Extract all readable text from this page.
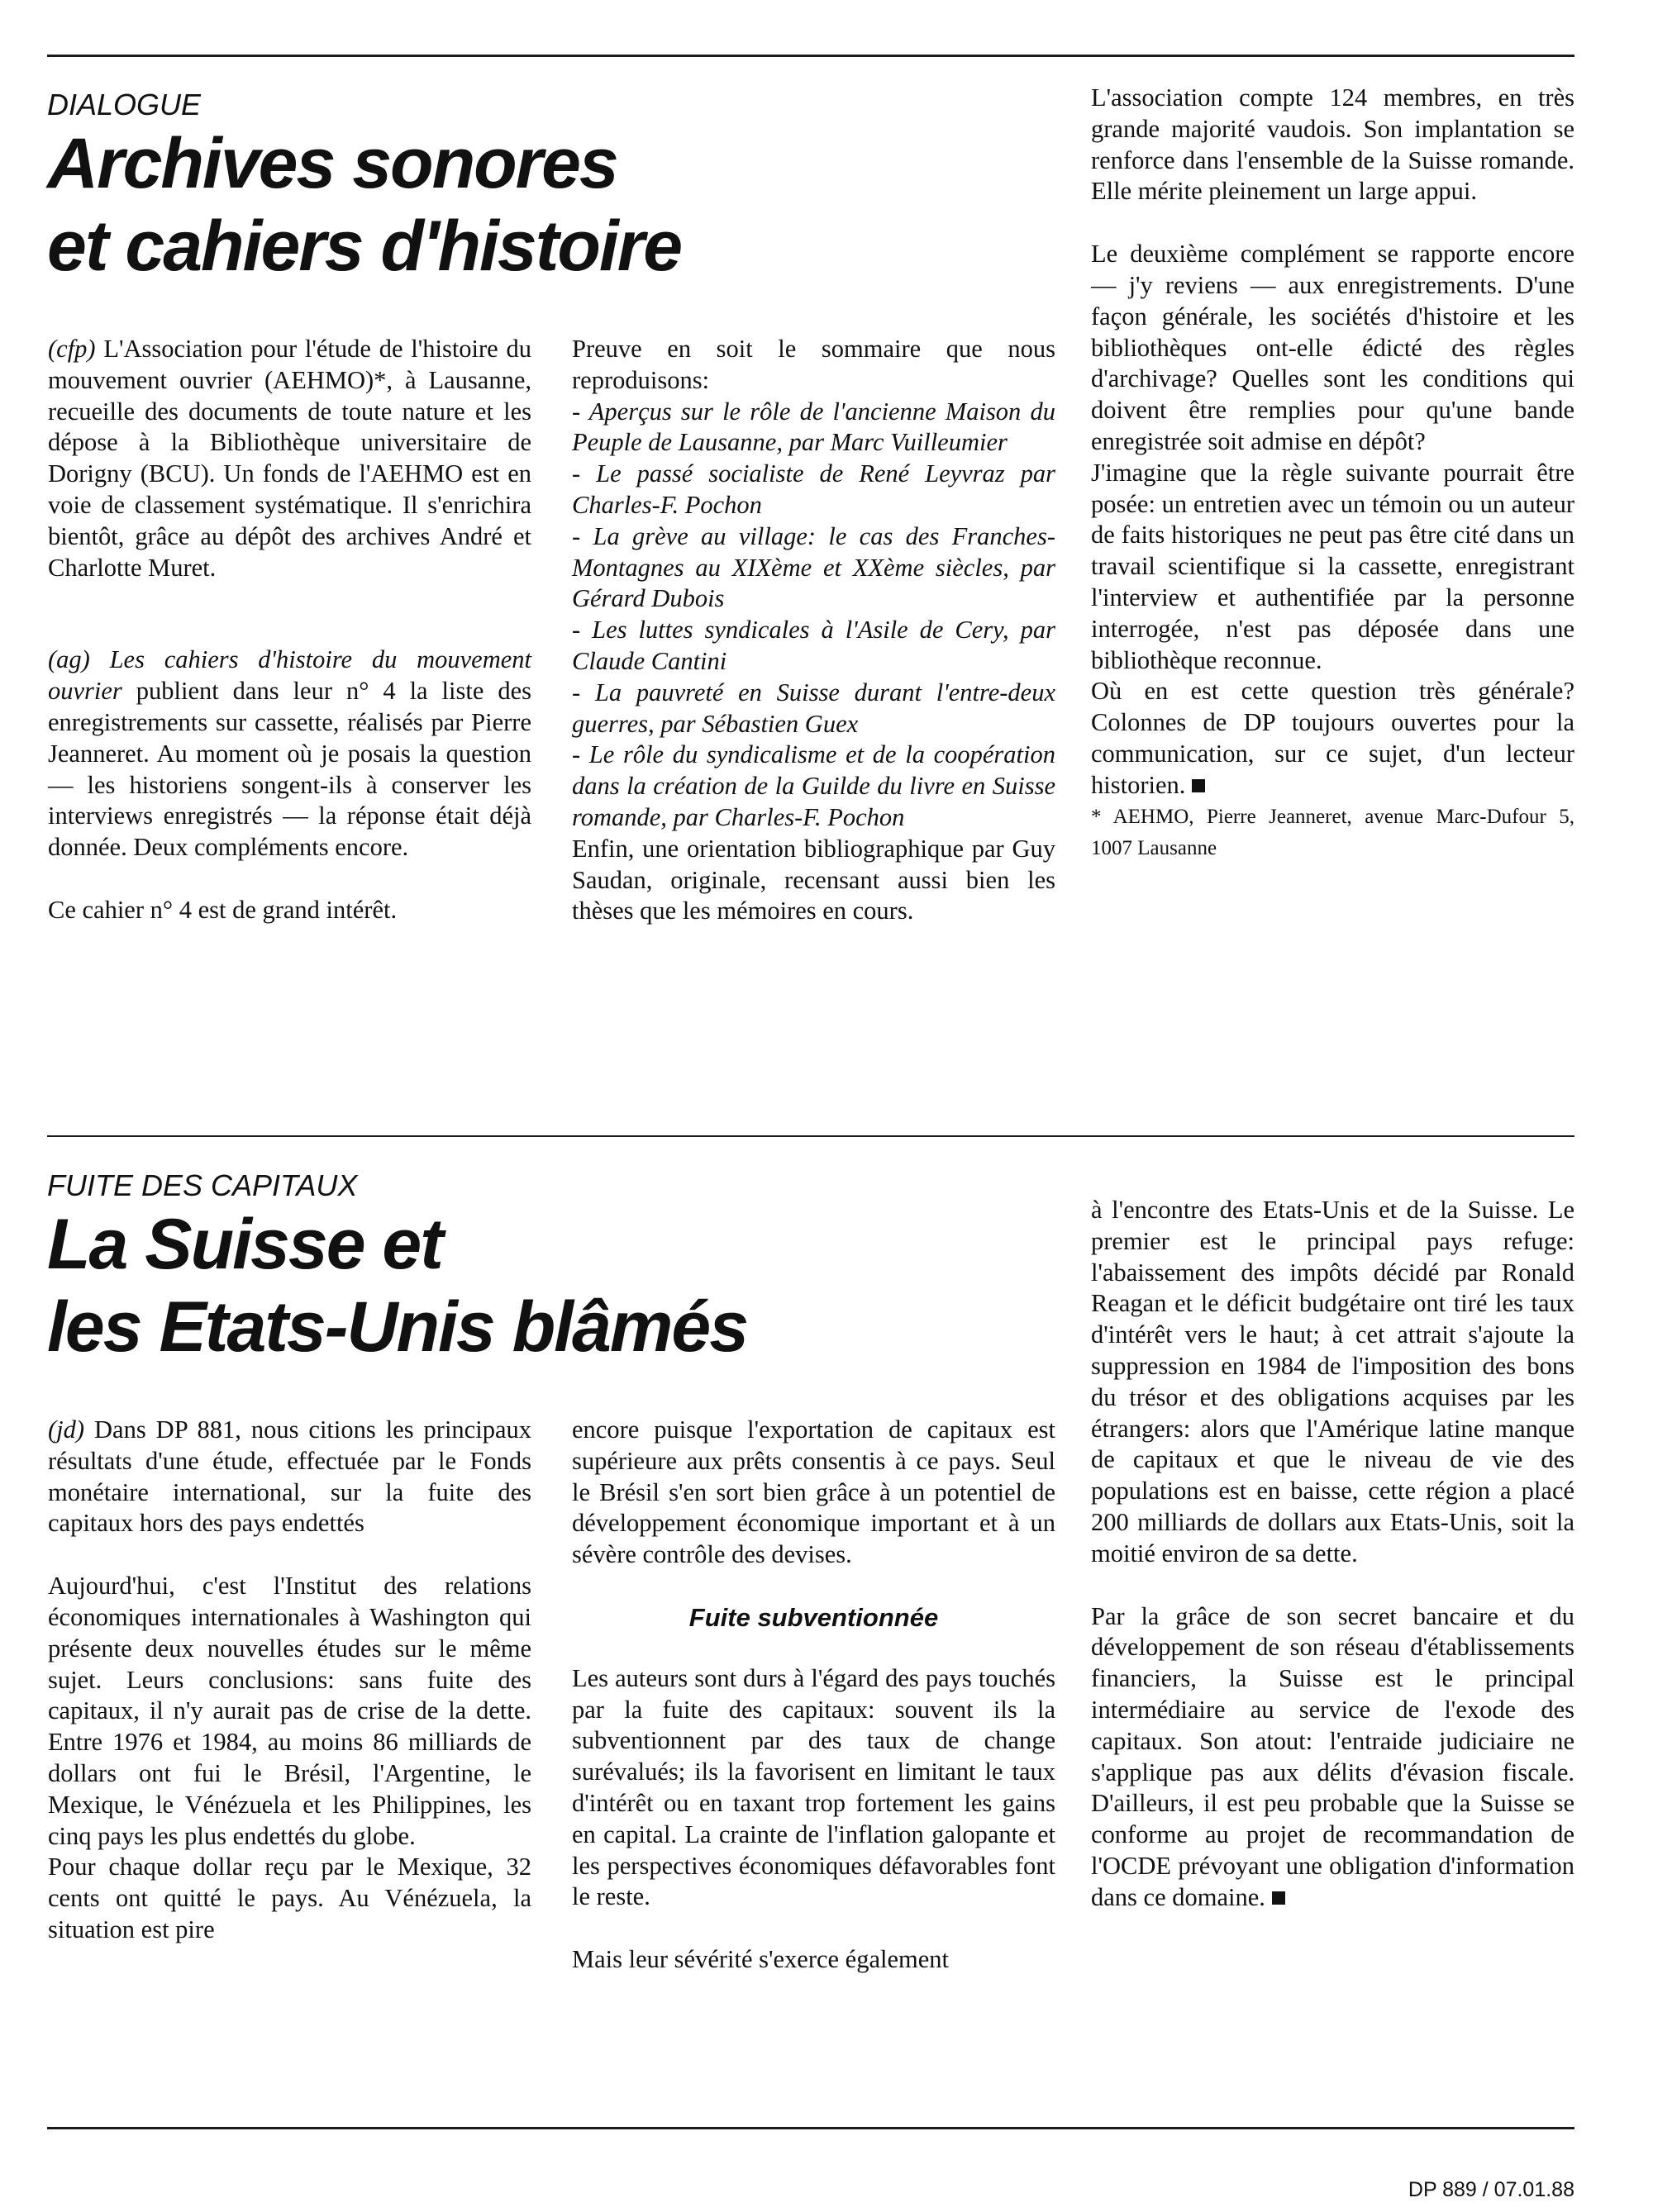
DIALOGUE
Archives sonores
et cahiers d'histoire

(cfp) L'Association pour l'étude de l'histoire du mouvement ouvrier (AEHMO)*, à Lausanne, recueille des documents de toute nature et les dépose à la Bibliothèque universitaire de Dorigny (BCU). Un fonds de l'AEHMO est en voie de classement systématique. Il s'enrichira bientôt, grâce au dépôt des archives André et Charlotte Muret.

(ag) Les cahiers d'histoire du mouvement ouvrier publient dans leur n° 4 la liste des enregistrements sur cassette, réalisés par Pierre Jeanneret. Au moment où je posais la question — les historiens songent-ils à conserver les interviews enregistrés — la réponse était déjà donnée. Deux compléments encore.

Ce cahier n° 4 est de grand intérêt.

Preuve en soit le sommaire que nous reproduisons:

- Aperçus sur le rôle de l'ancienne Maison du Peuple de Lausanne, par Marc Vuilleumier

- Le passé socialiste de René Leyvraz par Charles-F. Pochon

- La grève au village: le cas des Franches-Montagnes au XIXème et XXème siècles, par Gérard Dubois

- Les luttes syndicales à l'Asile de Cery, par Claude Cantini

- La pauvreté en Suisse durant l'entre-deux guerres, par Sébastien Guex

- Le rôle du syndicalisme et de la coopération dans la création de la Guilde du livre en Suisse romande, par Charles-F. Pochon

Enfin, une orientation bibliographique par Guy Saudan, originale, recensant aussi bien les thèses que les mémoires en cours.

L'association compte 124 membres, en très grande majorité vaudois. Son implantation se renforce dans l'ensemble de la Suisse romande. Elle mérite pleinement un large appui.

Le deuxième complément se rapporte encore — j'y reviens — aux enregistrements. D'une façon générale, les sociétés d'histoire et les bibliothèques ont-elle édicté des règles d'archivage? Quelles sont les conditions qui doivent être remplies pour qu'une bande enregistrée soit admise en dépôt?

J'imagine que la règle suivante pourrait être posée: un entretien avec un témoin ou un auteur de faits historiques ne peut pas être cité dans un travail scientifique si la cassette, enregistrant l'interview et authentifiée par la personne interrogée, n'est pas déposée dans une bibliothèque reconnue.

Où en est cette question très générale? Colonnes de DP toujours ouvertes pour la communication, sur ce sujet, d'un lecteur historien.

* AEHMO, Pierre Jeanneret, avenue Marc-Dufour 5, 1007 Lausanne

FUITE DES CAPITAUX
La Suisse et
les Etats-Unis blâmés

(jd) Dans DP 881, nous citions les principaux résultats d'une étude, effectuée par le Fonds monétaire international, sur la fuite des capitaux hors des pays endettés

Aujourd'hui, c'est l'Institut des relations économiques internationales à Washington qui présente deux nouvelles études sur le même sujet. Leurs conclusions: sans fuite des capitaux, il n'y aurait pas de crise de la dette. Entre 1976 et 1984, au moins 86 milliards de dollars ont fui le Brésil, l'Argentine, le Mexique, le Vénézuela et les Philippines, les cinq pays les plus endettés du globe.

Pour chaque dollar reçu par le Mexique, 32 cents ont quitté le pays. Au Vénézuela, la situation est pire

encore puisque l'exportation de capitaux est supérieure aux prêts consentis à ce pays. Seul le Brésil s'en sort bien grâce à un potentiel de développement économique important et à un sévère contrôle des devises.

Fuite subventionnée

Les auteurs sont durs à l'égard des pays touchés par la fuite des capitaux: souvent ils la subventionnent par des taux de change surévalués; ils la favorisent en limitant le taux d'intérêt ou en taxant trop fortement les gains en capital. La crainte de l'inflation galopante et les perspectives économiques défavorables font le reste.

Mais leur sévérité s'exerce également

à l'encontre des Etats-Unis et de la Suisse. Le premier est le principal pays refuge: l'abaissement des impôts décidé par Ronald Reagan et le déficit budgétaire ont tiré les taux d'intérêt vers le haut; à cet attrait s'ajoute la suppression en 1984 de l'imposition des bons du trésor et des obligations acquises par les étrangers: alors que l'Amérique latine manque de capitaux et que le niveau de vie des populations est en baisse, cette région a placé 200 milliards de dollars aux Etats-Unis, soit la moitié environ de sa dette.

Par la grâce de son secret bancaire et du développement de son réseau d'établissements financiers, la Suisse est le principal intermédiaire au service de l'exode des capitaux. Son atout: l'entraide judiciaire ne s'applique pas aux délits d'évasion fiscale. D'ailleurs, il est peu probable que la Suisse se conforme au projet de recommandation de l'OCDE prévoyant une obligation d'information dans ce domaine.

DP 889 / 07.01.88
